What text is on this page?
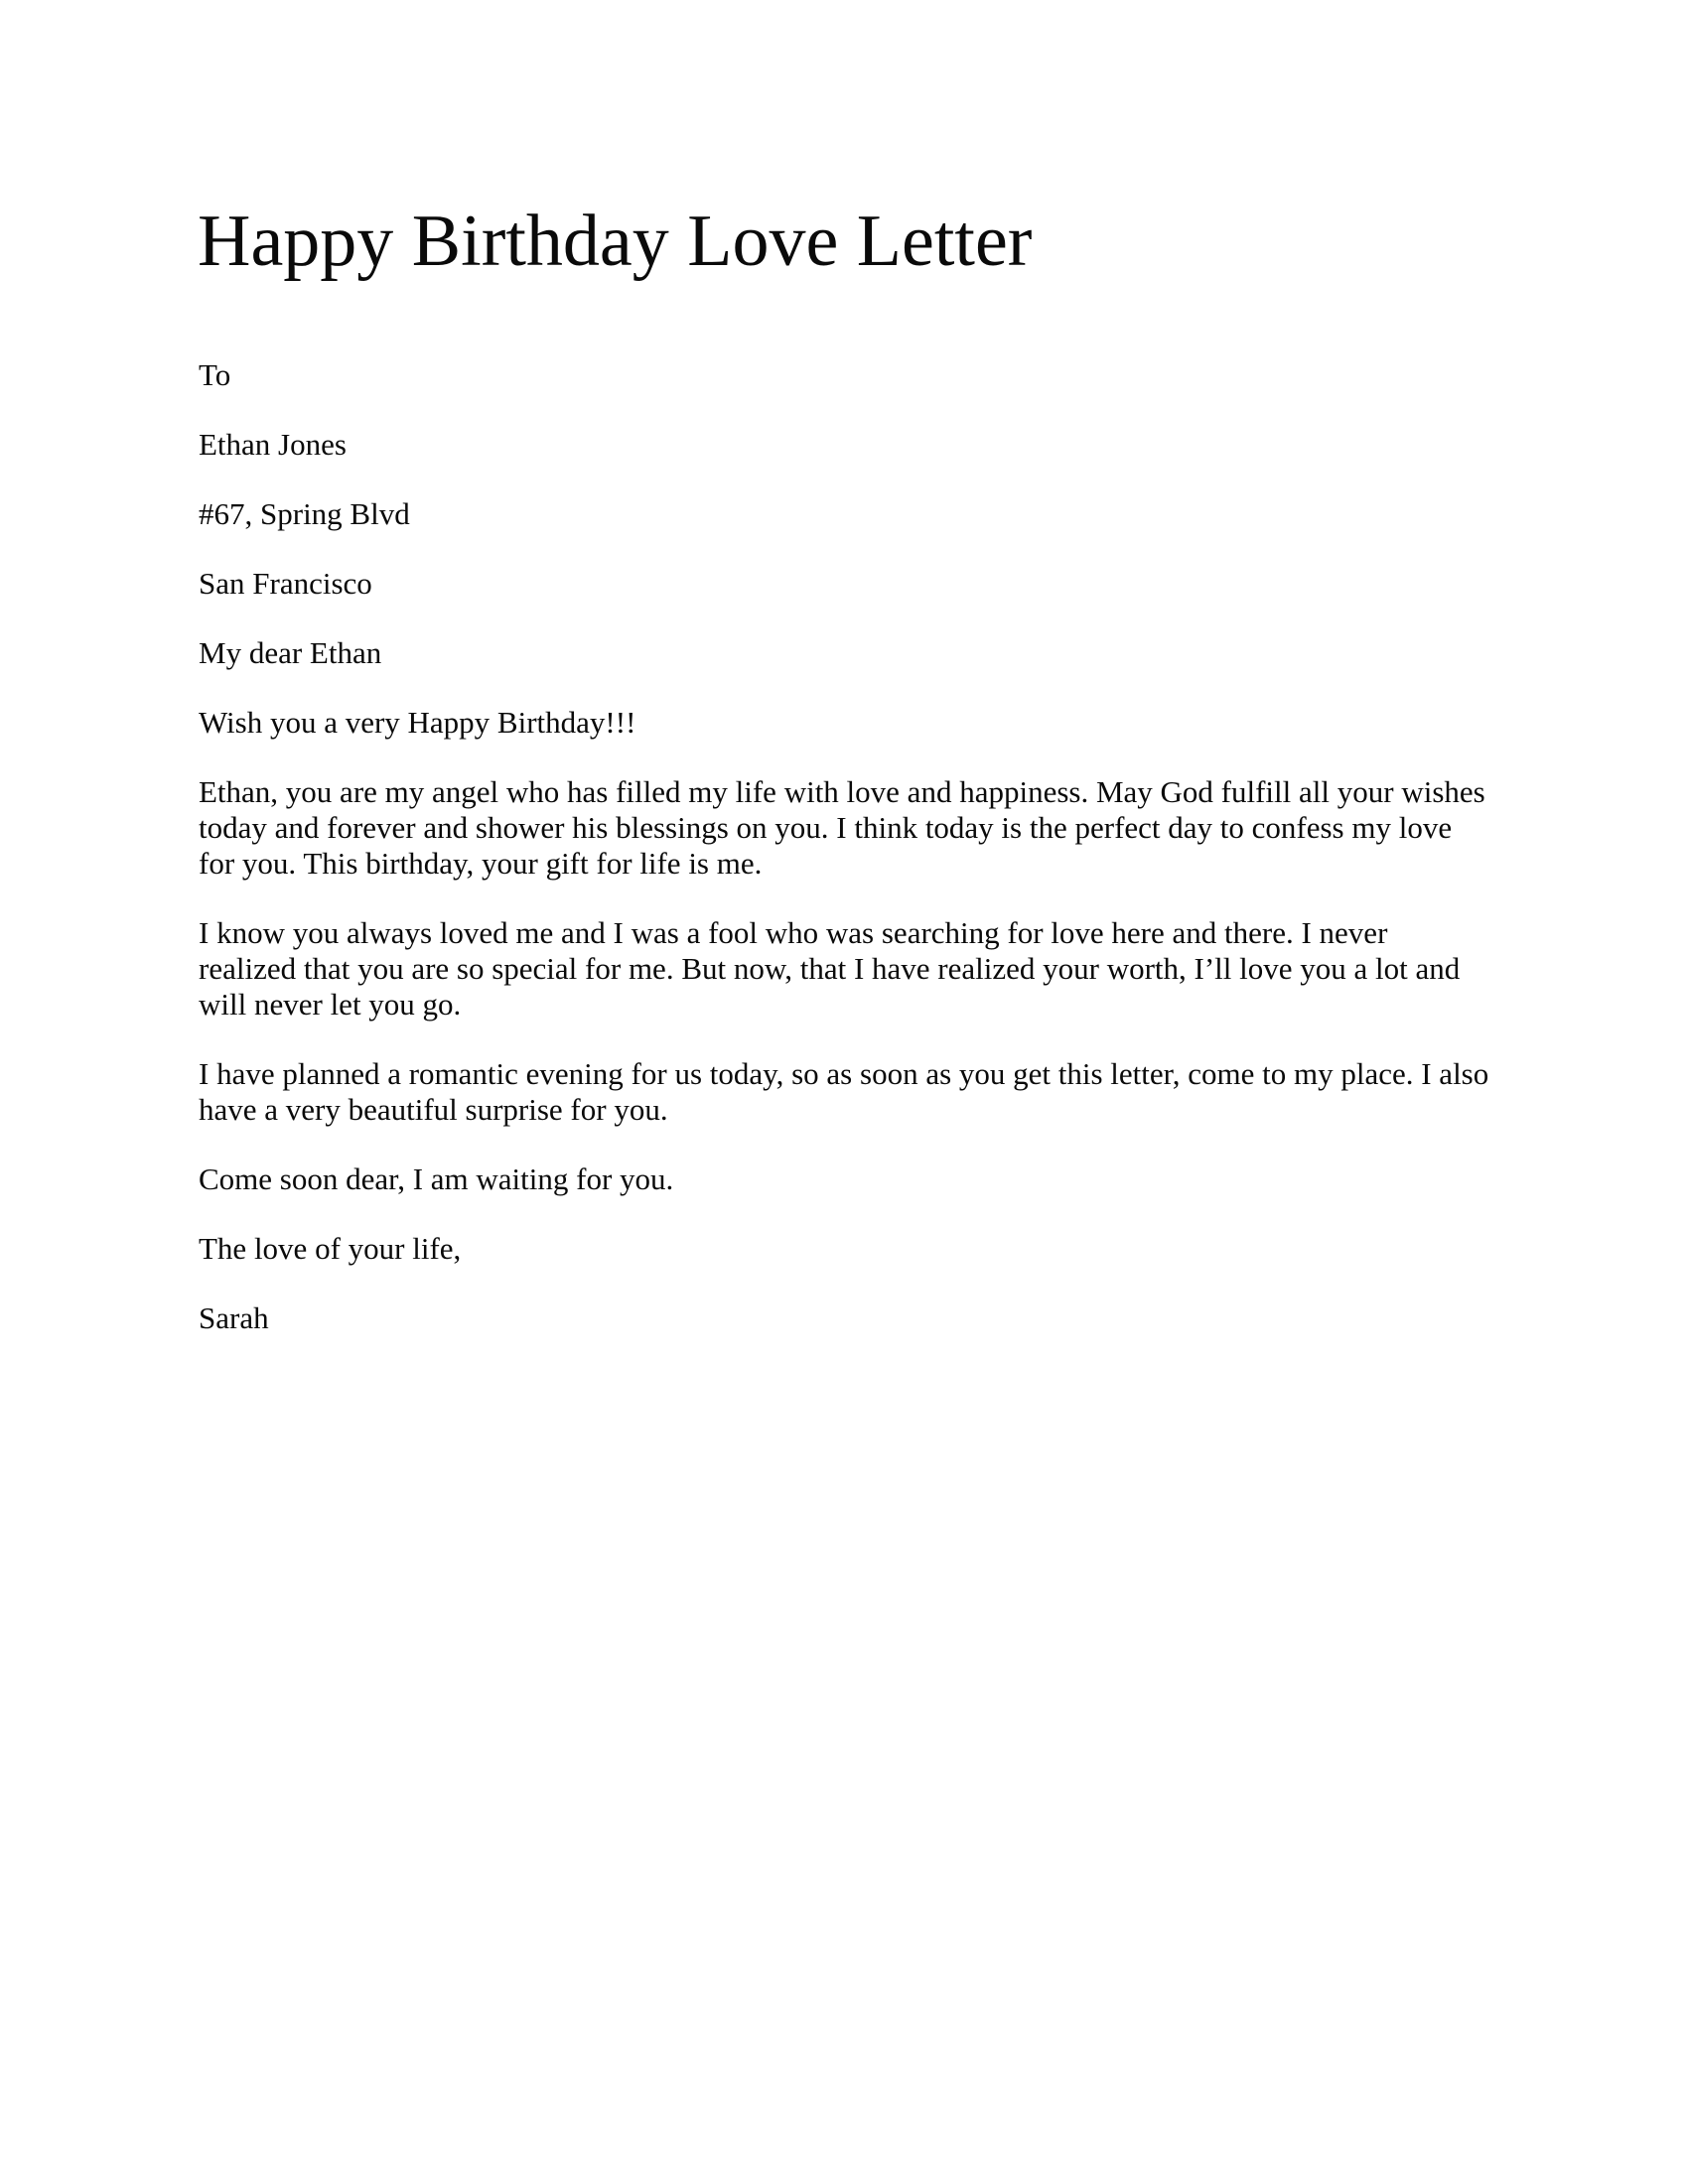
Happy Birthday Love Letter

To

Ethan Jones

#67, Spring Blvd

San Francisco

My dear Ethan

Wish you a very Happy Birthday!!!

Ethan, you are my angel who has filled my life with love and happiness. May God fulfill all your wishes today and forever and shower his blessings on you. I think today is the perfect day to confess my love for you. This birthday, your gift for life is me.

I know you always loved me and I was a fool who was searching for love here and there. I never realized that you are so special for me. But now, that I have realized your worth, I’ll love you a lot and will never let you go.

I have planned a romantic evening for us today, so as soon as you get this letter, come to my place. I also have a very beautiful surprise for you.

Come soon dear, I am waiting for you.

The love of your life,

Sarah
